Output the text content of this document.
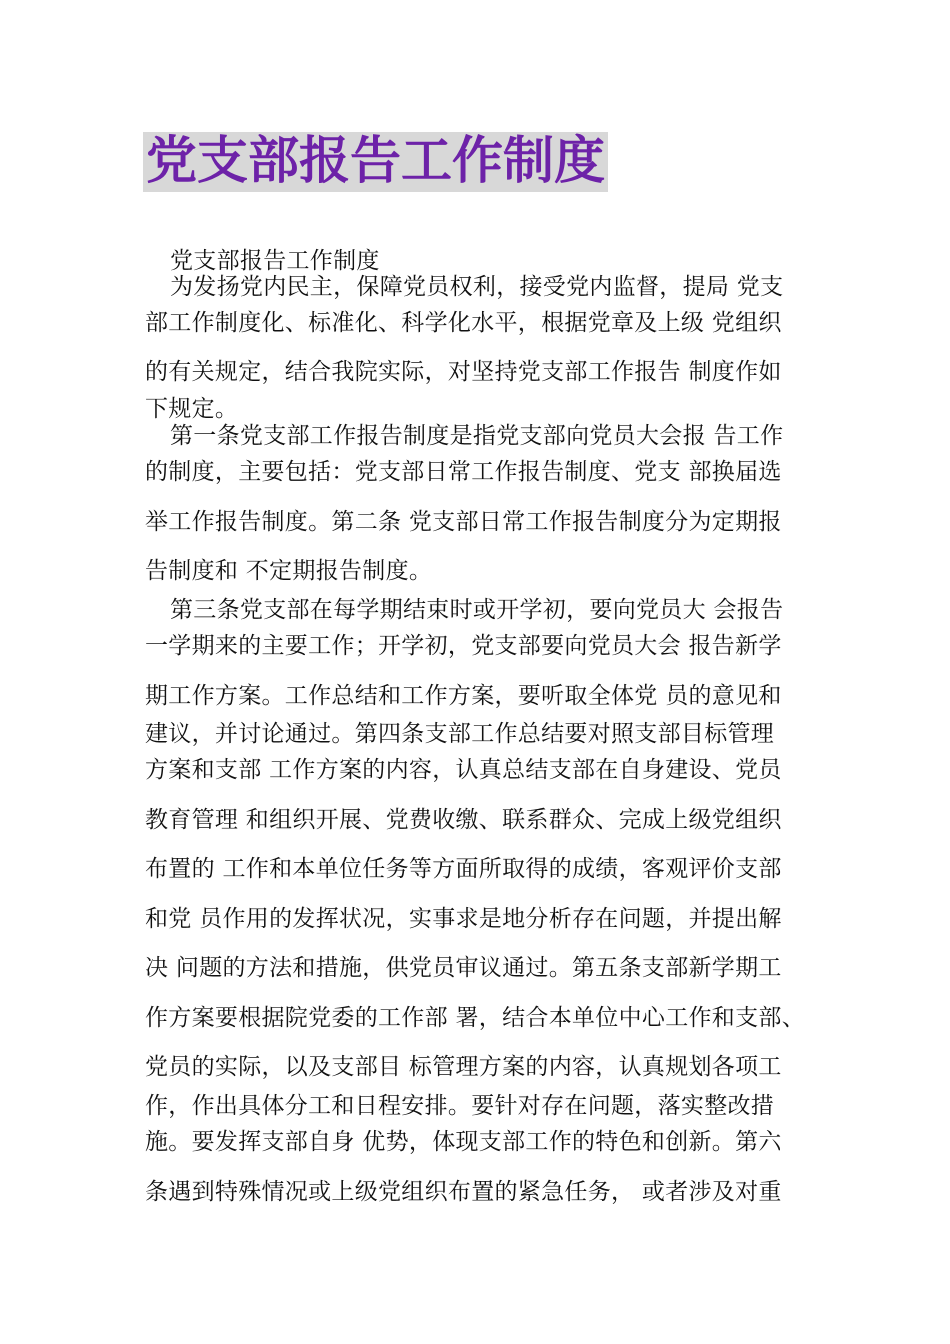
党支部报告工作制度
党支部报告工作制度
为发扬党内民主，保障党员权利，接受党内监督，提局 党支
部工作制度化、标准化、科学化水平，根据党章及上级 党组织
的有关规定，结合我院实际，对坚持党支部工作报告 制度作如
下规定。
第一条党支部工作报告制度是指党支部向党员大会报 告工作
的制度，主要包括：党支部日常工作报告制度、党支 部换届选
举工作报告制度。第二条 党支部日常工作报告制度分为定期报
告制度和 不定期报告制度。
第三条党支部在每学期结束时或开学初，要向党员大 会报告
一学期来的主要工作；开学初，党支部要向党员大会 报告新学
期工作方案。工作总结和工作方案，要听取全体党 员的意见和
建议，并讨论通过。第四条支部工作总结要对照支部目标管理
方案和支部 工作方案的内容，认真总结支部在自身建设、党员
教育管理 和组织开展、党费收缴、联系群众、完成上级党组织
布置的 工作和本单位任务等方面所取得的成绩，客观评价支部
和党 员作用的发挥状况，实事求是地分析存在问题，并提出解
决 问题的方法和措施，供党员审议通过。第五条支部新学期工
作方案要根据院党委的工作部 署，结合本单位中心工作和支部、
党员的实际，以及支部目 标管理方案的内容，认真规划各项工
作，作出具体分工和日程安排。要针对存在问题，落实整改措
施。要发挥支部自身 优势，体现支部工作的特色和创新。第六
条遇到特殊情况或上级党组织布置的紧急任务， 或者涉及对重
